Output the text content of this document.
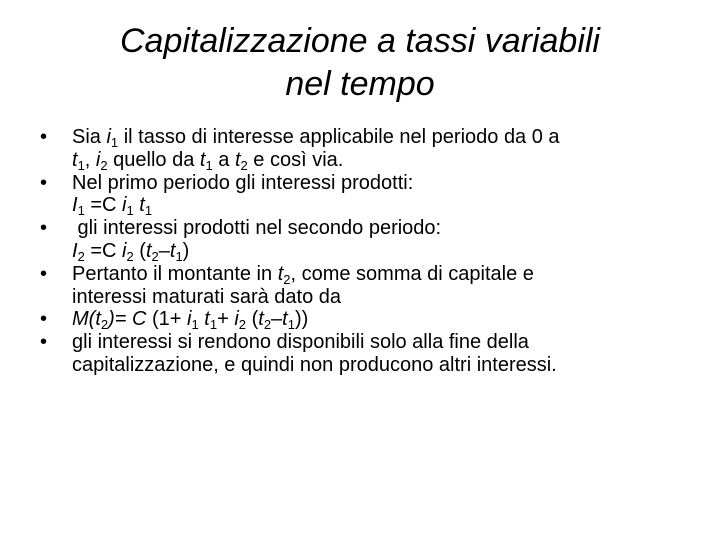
Capitalizzazione a tassi variabili
nel tempo
• Sia $i_1$ il tasso di interesse applicabile nel periodo da 0 a
$t_1$, $i_2$ quello da $t_1$ a $t_2$ e così via.
• Nel primo periodo gli interessi prodotti:
$I_1 =C$ $i_1$ $t_1$
• gli interessi prodotti nel secondo periodo:
$I_2 =C$ $i_2$ $(t_2-t_1)$
• Pertanto il montante in $t_2$, come somma di capitale e
interessi maturati sarà dato da
• $M(t_2)= C$ ($1+ i_1$ $t_1+ i_2$ $(t_2-t_1)$)
• gli interessi si rendono disponibili solo alla fine della
capitalizzazione, e quindi non producono altri interessi.
